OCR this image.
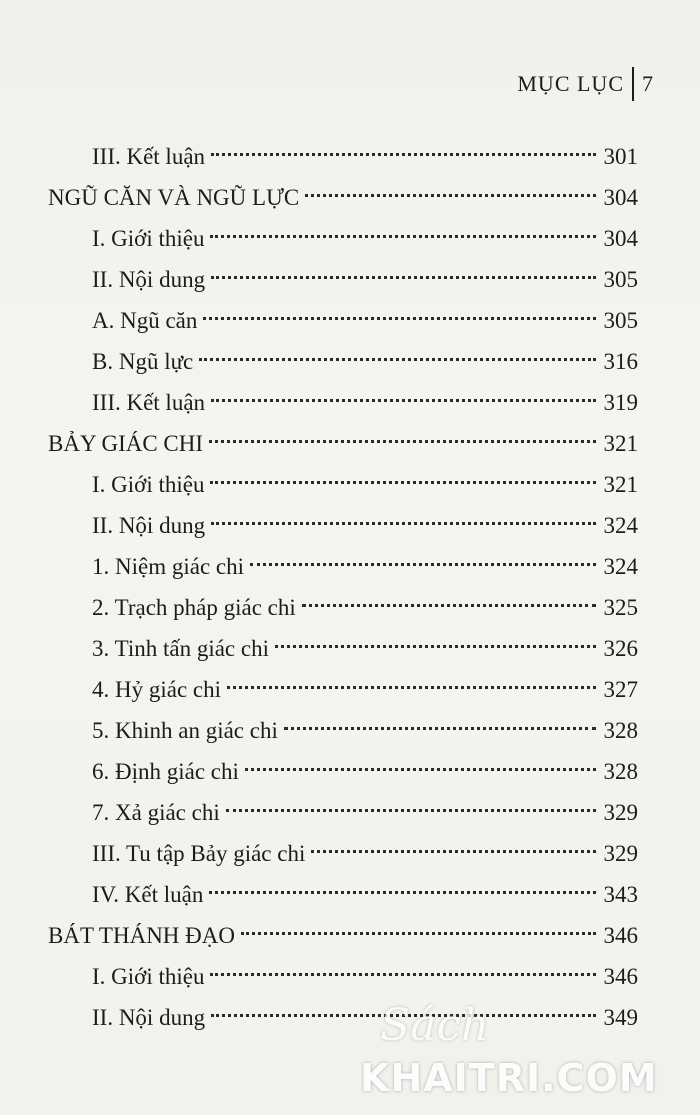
MỤC LỤC 7
III. Kết luận	301
NGŨ CĂN VÀ NGŨ LỰC	304
I. Giới thiệu	304
II. Nội dung	305
A. Ngũ căn	305
B. Ngũ lực	316
III. Kết luận	319
BẢY GIÁC CHI	321
I. Giới thiệu	321
II. Nội dung	324
1. Niệm giác chi	324
2. Trạch pháp giác chi	325
3. Tinh tấn giác chi	326
4. Hỷ giác chi	327
5. Khinh an giác chi	328
6. Định giác chi	328
7. Xả giác chi	329
III. Tu tập Bảy giác chi	329
IV. Kết luận	343
BÁT THÁNH ĐẠO	346
I. Giới thiệu	346
II. Nội dung	349
Sách
KHAITRI.COM
